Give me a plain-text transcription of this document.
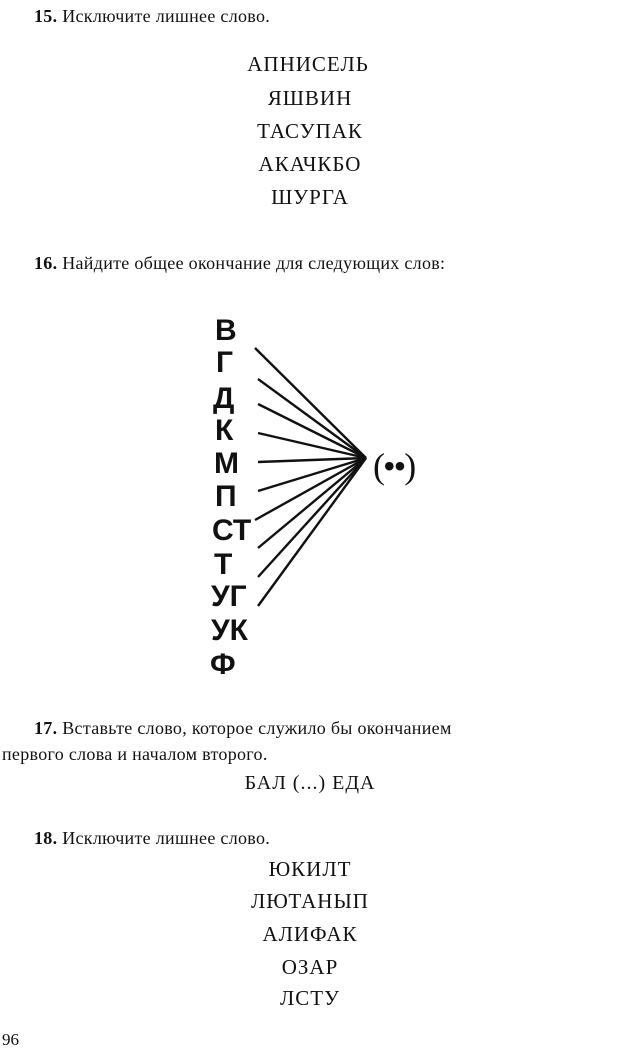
15. Исключите лишнее слово.
АПНИСЕЛЬ
ЯШВИН
ТАСУПАК
АКАЧКБО
ШУРГА
16. Найдите общее окончание для следующих слов:
В
Г
Д
К
М
П
СТ
Т
УГ
УК
Ф
(••)
17. Вставьте слово, которое служило бы окончанием
первого слова и началом второго.
БАЛ (...) ЕДА
18. Исключите лишнее слово.
ЮКИЛТ
ЛЮТАНЫП
АЛИФАК
ОЗАР
ЛСТУ
96
